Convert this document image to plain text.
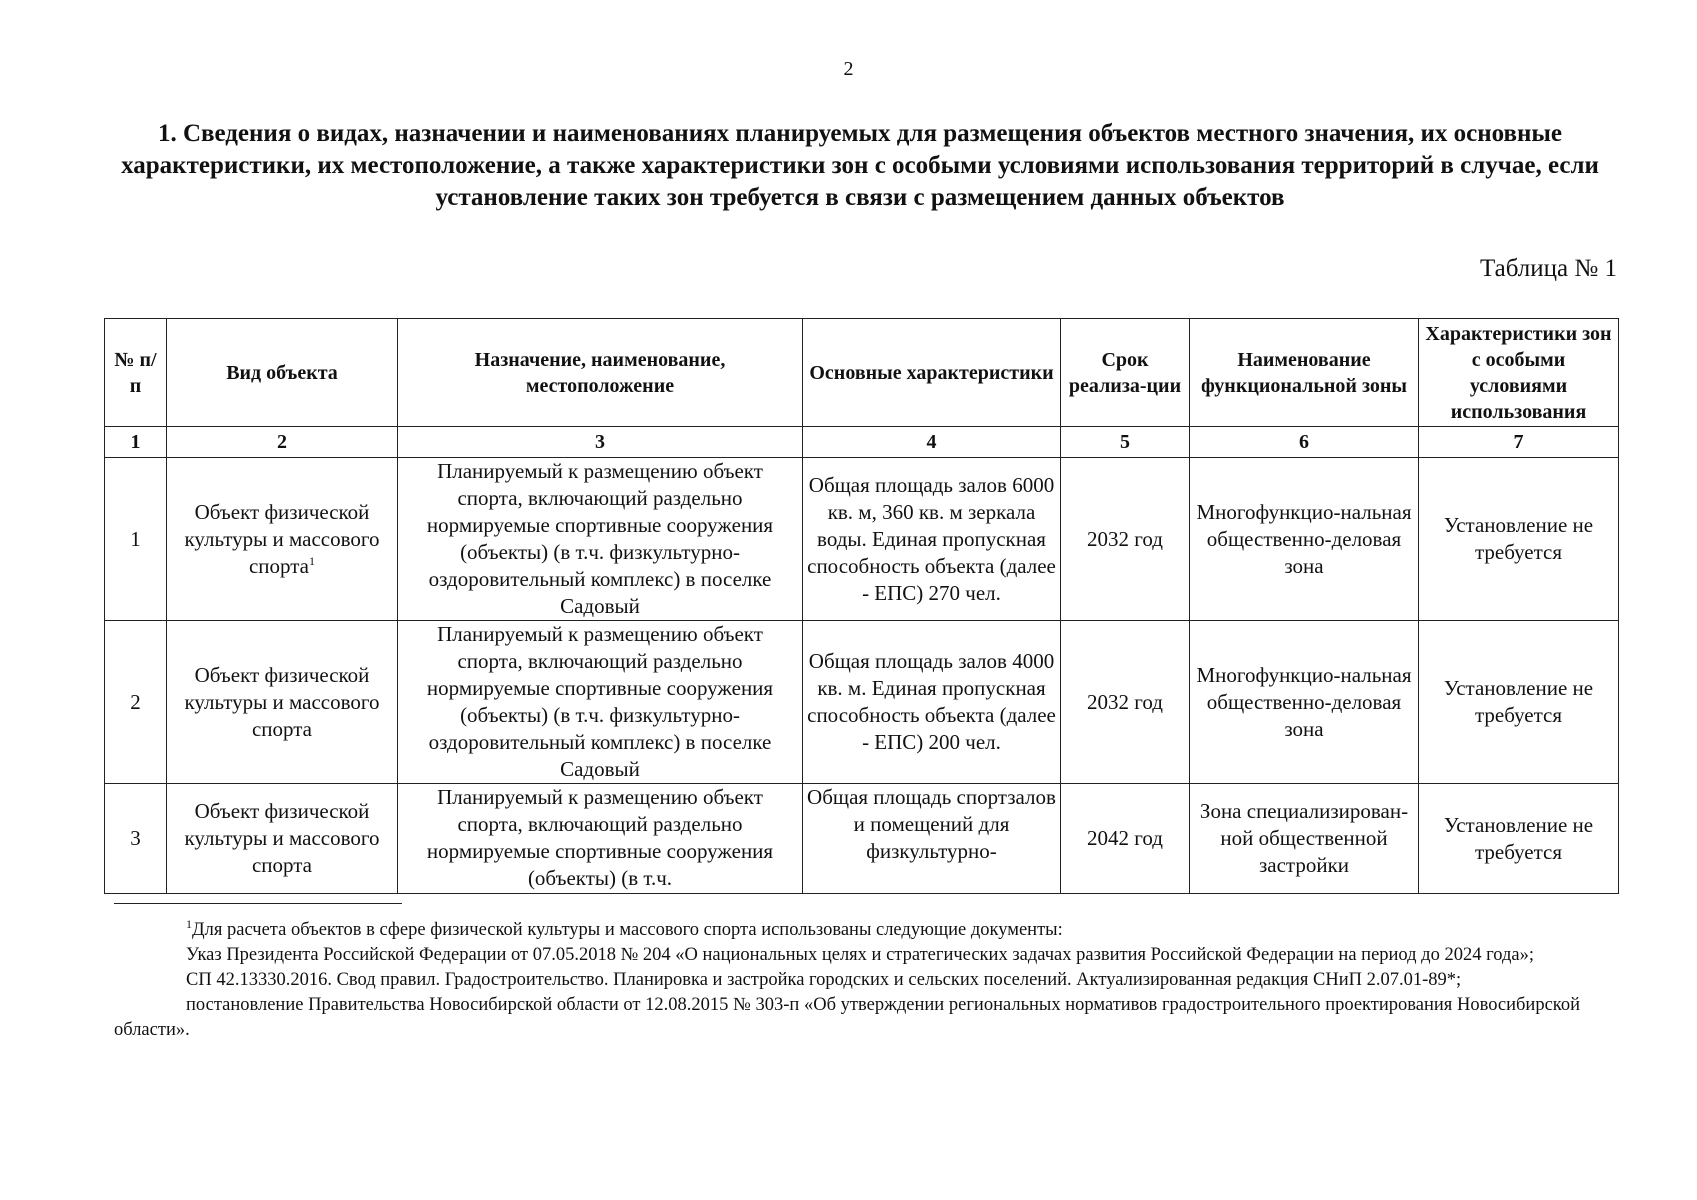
2
1. Сведения о видах, назначении и наименованиях планируемых для размещения объектов местного значения, их основные характеристики, их местоположение, а также характеристики зон с особыми условиями использования территорий в случае, если установление таких зон требуется в связи с размещением данных объектов
Таблица № 1
№ п/п	Вид объекта	Назначение, наименование, местоположение	Основные характеристики	Срок реализа-ции	Наименование функциональной зоны	Характеристики зон с особыми условиями использования
1	2	3	4	5	6	7
1	Объект физической культуры и массового спорта$^1$	Планируемый к размещению объект спорта, включающий раздельно нормируемые спортивные сооружения (объекты) (в т.ч. физкультурно-оздоровительный комплекс) в поселке Садовый	Общая площадь залов 6000 кв. м, 360 кв. м зеркала воды. Единая пропускная способность объекта (далее - ЕПС) 270 чел.	2032 год	Многофункцио-нальная общественно-деловая зона	Установление не требуется
2	Объект физической культуры и массового спорта	Планируемый к размещению объект спорта, включающий раздельно нормируемые спортивные сооружения (объекты) (в т.ч. физкультурно-оздоровительный комплекс) в поселке Садовый	Общая площадь залов 4000 кв. м. Единая пропускная способность объекта (далее - ЕПС) 200 чел.	2032 год	Многофункцио-нальная общественно-деловая зона	Установление не требуется
3	Объект физической культуры и массового спорта	Планируемый к размещению объект спорта, включающий раздельно нормируемые спортивные сооружения (объекты) (в т.ч.	Общая площадь спортзалов и помещений для физкультурно-	2042 год	Зона специализирован-ной общественной застройки	Установление не требуется

$^1$Для расчета объектов в сфере физической культуры и массового спорта использованы следующие документы:

Указ Президента Российской Федерации от 07.05.2018 № 204 «О национальных целях и стратегических задачах развития Российской Федерации на период до 2024 года»;

СП 42.13330.2016. Свод правил. Градостроительство. Планировка и застройка городских и сельских поселений. Актуализированная редакция СНиП 2.07.01-89*;

постановление Правительства Новосибирской области от 12.08.2015 № 303-п «Об утверждении региональных нормативов градостроительного проектирования Новосибирской области».
